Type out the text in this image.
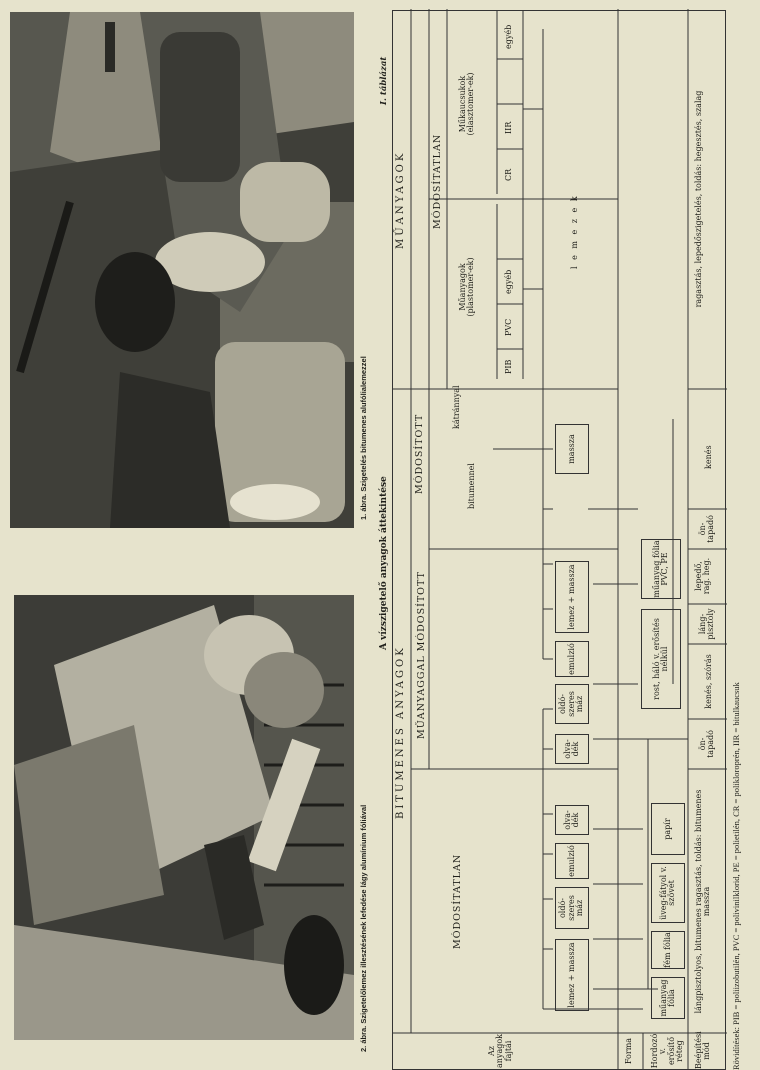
1. ábra. Szigetelés bitumenes alufólialemezzel
2. ábra. Szigetelőlemez illesztésének lefedése lágy alumínium fóliával
A vízszigetelő anyagok áttekintése
I. táblázat
Az anyagok fajtái	Forma Hordozó v. erősítő réteg Beépítési mód
BITUMENES ANYAGOK
MŰANYAGOK
MÓDOSÍTATLAN
MŰANYAGGAL MÓDOSÍTOTT
MÓDOSÍTOTT	bitumennel
kátránnyal
MÓDOSÍTATLAN
Műanyagok (plastomer-ek)
Műkaucsukok (elasztomer-ek)
PIB
PVC
egyéb
CR
IIR
egyéb
lemez + massza
oldó-szeres máz
emulzió
olva-dék
olva-dék
oldó-szeres máz
emulzió
lemez + massza
massza
l e m e z e k
műanyag fólia
fém fólia
üveg-fátyol v. szövet
papír
rost, háló v. erősítés nélkül
műanyag fólia PVC, PE
lángpisztolyos, bitumenes ragasztás, toldás: bitumenes massza
ön-tapadó
kenés, szórás
láng-pisztoly
lepedő, rag. heg.
ön-tapadó
kenés
ragasztás, lepedőszigetelés, toldás: hegesztés, szalag
Rövidítések: PIB = poliizobutilén, PVC = polivinilklorid, PE = polietilén, CR = polikloroprén, IIR = bitulkaucsuk
